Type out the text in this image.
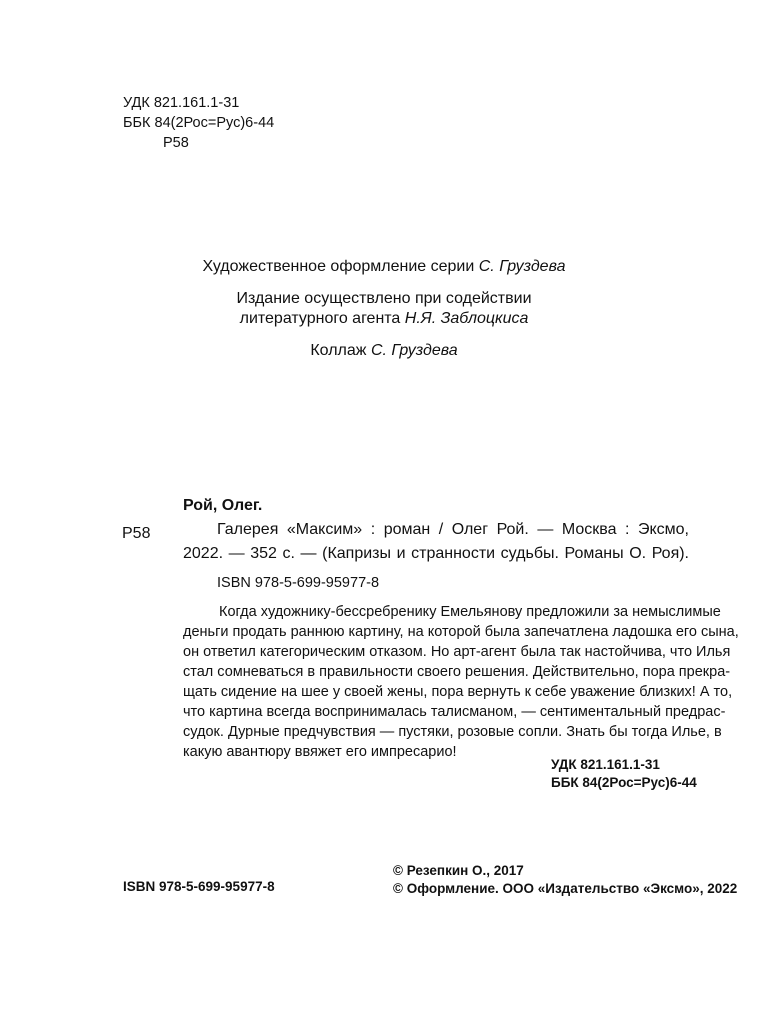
УДК 821.161.1-31
ББК 84(2Рос=Рус)6-44
Р58
Художественное оформление серии С. Груздева
Издание осуществлено при содействии
литературного агента Н.Я. Заблоцкиса
Коллаж С. Груздева
Р58
Рой, Олег.
Галерея «Максим» : роман / Олег Рой. — Москва : Эксмо,
2022. — 352 с. — (Капризы и странности судьбы. Романы О. Роя).
ISBN 978-5-699-95977-8
Когда художнику-бессребренику Емельянову предложили за немыслимые
деньги продать раннюю картину, на которой была запечатлена ладошка его сына,
он ответил категорическим отказом. Но арт-агент была так настойчива, что Илья
стал сомневаться в правильности своего решения. Действительно, пора прекра-
щать сидение на шее у своей жены, пора вернуть к себе уважение близких! А то,
что картина всегда воспринималась талисманом, — сентиментальный предрас-
судок. Дурные предчувствия — пустяки, розовые сопли. Знать бы тогда Илье, в
какую авантюру ввяжет его импресарио!
УДК 821.161.1-31
ББК 84(2Рос=Рус)6-44
ISBN 978-5-699-95977-8
© Резепкин О., 2017
© Оформление. ООО «Издательство «Эксмо», 2022
